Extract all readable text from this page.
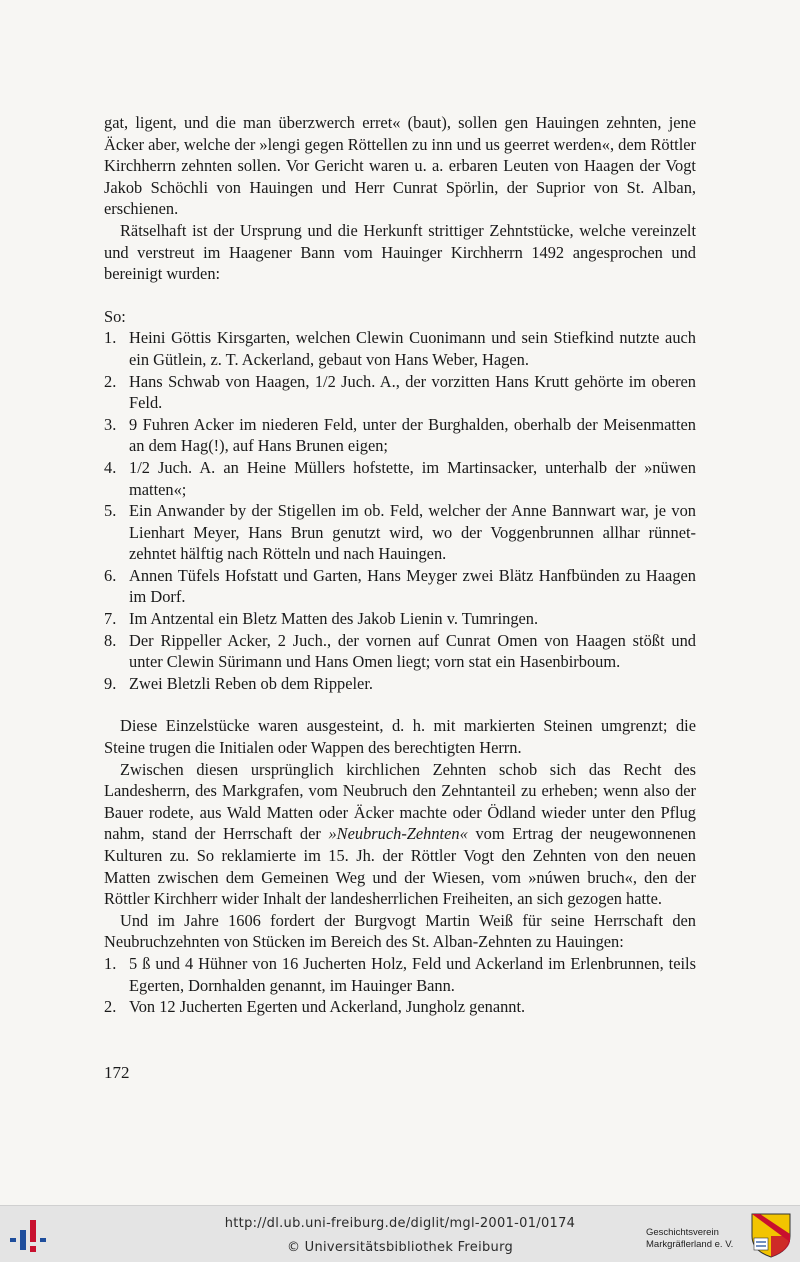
gat, ligent, und die man überzwerch erret« (baut), sollen gen Hauingen zehnten, jene Äcker aber, welche der »lengi gegen Röttellen zu inn und us geerret werden«, dem Röttler Kirchherrn zehnten sollen. Vor Gericht waren u. a. erbaren Leuten von Haagen der Vogt Jakob Schöchli von Hauingen und Herr Cunrat Spörlin, der Suprior von St. Alban, erschienen.

Rätselhaft ist der Ursprung und die Herkunft strittiger Zehntstücke, welche vereinzelt und verstreut im Haagener Bann vom Hauinger Kirchherrn 1492 angesprochen und bereinigt wurden:

So:

1. Heini Göttis Kirsgarten, welchen Clewin Cuonimann und sein Stiefkind nutzte auch ein Gütlein, z. T. Ackerland, gebaut von Hans Weber, Hagen.
2. Hans Schwab von Haagen, 1/2 Juch. A., der vorzitten Hans Krutt gehörte im oberen Feld.
3. 9 Fuhren Acker im niederen Feld, unter der Burghalden, oberhalb der Meisenmatten an dem Hag(!), auf Hans Brunen eigen;
4. 1/2 Juch. A. an Heine Müllers hofstette, im Martinsacker, unterhalb der »nüwen matten«;
5. Ein Anwander by der Stigellen im ob. Feld, welcher der Anne Bannwart war, je von Lienhart Meyer, Hans Brun genutzt wird, wo der Voggenbrunnen allhar rünnet-zehntet hälftig nach Rötteln und nach Hauingen.
6. Annen Tüfels Hofstatt und Garten, Hans Meyger zwei Blätz Hanfbünden zu Haagen im Dorf.
7. Im Antzental ein Bletz Matten des Jakob Lienin v. Tumringen.
8. Der Rippeller Acker, 2 Juch., der vornen auf Cunrat Omen von Haagen stößt und unter Clewin Sürimann und Hans Omen liegt; vorn stat ein Hasenbirboum.
9. Zwei Bletzli Reben ob dem Rippeler.

Diese Einzelstücke waren ausgesteint, d. h. mit markierten Steinen umgrenzt; die Steine trugen die Initialen oder Wappen des berechtigten Herrn.

Zwischen diesen ursprünglich kirchlichen Zehnten schob sich das Recht des Landesherrn, des Markgrafen, vom Neubruch den Zehntanteil zu erheben; wenn also der Bauer rodete, aus Wald Matten oder Äcker machte oder Ödland wieder unter den Pflug nahm, stand der Herrschaft der »Neubruch-Zehnten« vom Ertrag der neugewonnenen Kulturen zu. So reklamierte im 15. Jh. der Röttler Vogt den Zehnten von den neuen Matten zwischen dem Gemeinen Weg und der Wiesen, vom »núwen bruch«, den der Röttler Kirchherr wider Inhalt der landesherrlichen Freiheiten, an sich gezogen hatte.

Und im Jahre 1606 fordert der Burgvogt Martin Weiß für seine Herrschaft den Neubruchzehnten von Stücken im Bereich des St. Alban-Zehnten zu Hauingen:

1. 5 ß und 4 Hühner von 16 Jucherten Holz, Feld und Ackerland im Erlenbrunnen, teils Egerten, Dornhalden genannt, im Hauinger Bann.
2. Von 12 Jucherten Egerten und Ackerland, Jungholz genannt.
172
http://dl.ub.uni-freiburg.de/diglit/mgl-2001-01/0174
© Universitätsbibliothek Freiburg
Geschichtsverein
Markgräflerland e. V.
